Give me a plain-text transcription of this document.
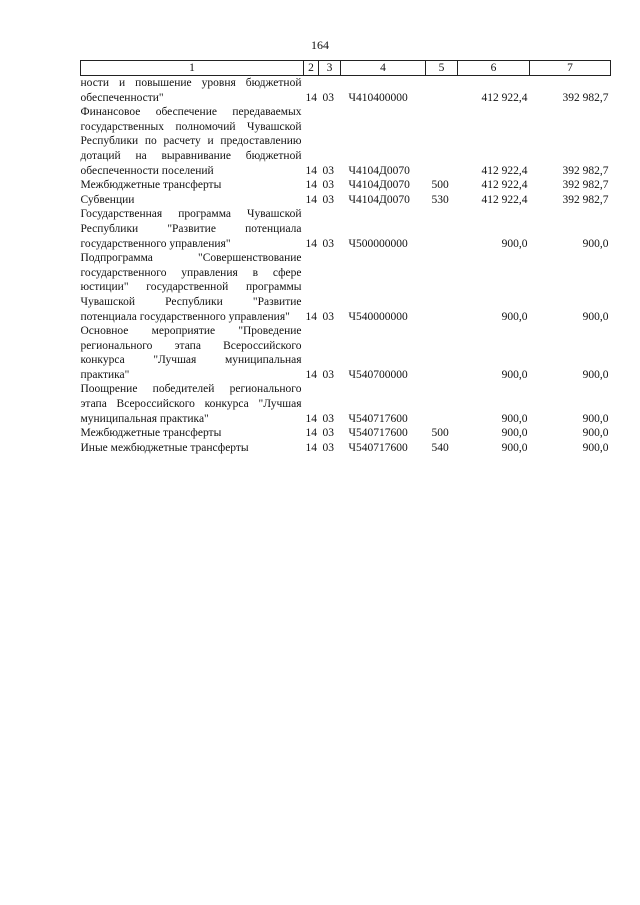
164
1	2	3	4	5	6	7
ности и повышение уровня бюджетной обеспеченности"	14	03	Ч410400000		412 922,4	392 982,7
Финансовое обеспечение передаваемых государственных полномочий Чувашской Республики по расчету и предоставлению дотаций на выравнивание бюджетной обеспеченности поселений	14	03	Ч4104Д0070		412 922,4	392 982,7
Межбюджетные трансферты	14	03	Ч4104Д0070	500	412 922,4	392 982,7
Субвенции	14	03	Ч4104Д0070	530	412 922,4	392 982,7
Государственная программа Чувашской Республики "Развитие потенциала государственного управления"	14	03	Ч500000000		900,0	900,0
Подпрограмма "Совершенствование государственного управления в сфере юстиции" государственной программы Чувашской Республики "Развитие потенциала государственного управления"	14	03	Ч540000000		900,0	900,0
Основное мероприятие "Проведение регионального этапа Всероссийского конкурса "Лучшая муниципальная практика"	14	03	Ч540700000		900,0	900,0
Поощрение победителей регионального этапа Всероссийского конкурса "Лучшая муниципальная практика"	14	03	Ч540717600		900,0	900,0
Межбюджетные трансферты	14	03	Ч540717600	500	900,0	900,0
Иные межбюджетные трансферты	14	03	Ч540717600	540	900,0	900,0
